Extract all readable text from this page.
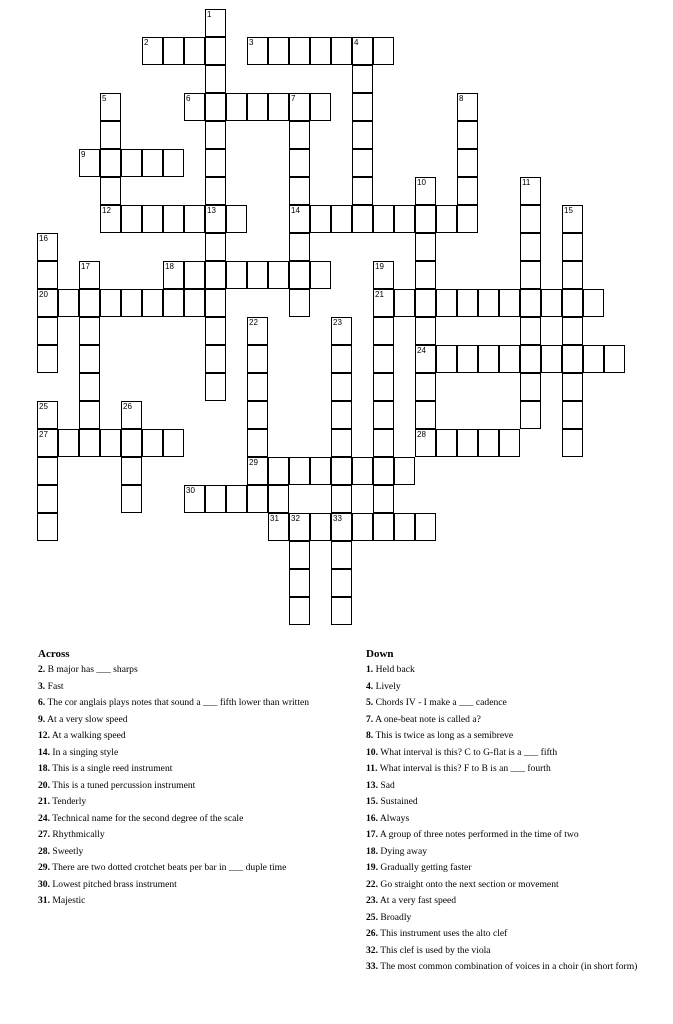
1
2	3	4
5
12
6	7
14
8
9
10
24
28
11
13	15
16
20
17	18	19
21
22
29
23
33
25
27
26
30
31 32
Across
2. B major has ___ sharps
3. Fast
6. The cor anglais plays notes that sound a ___ fifth lower than written
9. At a very slow speed
12. At a walking speed
14. In a singing style
18. This is a single reed instrument
20. This is a tuned percussion instrument
21. Tenderly
24. Technical name for the second degree of the scale
27. Rhythmically
28. Sweetly
29. There are two dotted crotchet beats per bar in ___ duple time
30. Lowest pitched brass instrument
31. Majestic
Down
1. Held back
4. Lively
5. Chords IV - I make a ___ cadence
7. A one-beat note is called a?
8. This is twice as long as a semibreve
10. What interval is this? C to G-flat is a ___ fifth
11. What interval is this? F to B is an ___ fourth
13. Sad
15. Sustained
16. Always
17. A group of three notes performed in the time of two
18. Dying away
19. Gradually getting faster
22. Go straight onto the next section or movement
23. At a very fast speed
25. Broadly
26. This instrument uses the alto clef
32. This clef is used by the viola
33. The most common combination of voices in a choir (in short form)
